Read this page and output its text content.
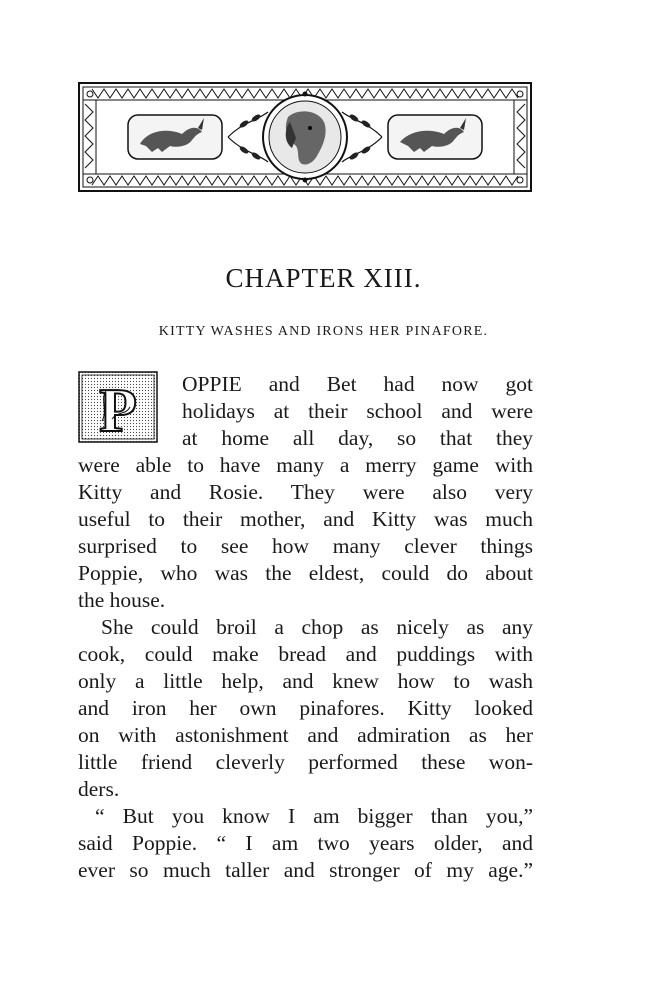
CHAPTER XIII.
KITTY WASHES AND IRONS HER PINAFORE.
P OPPIE and Bet had now got
holidays at their school and were
at home all day, so that they
were able to have many a merry game with
Kitty and Rosie. They were also very
useful to their mother, and Kitty was much
surprised to see how many clever things
Poppie, who was the eldest, could do about
the house.
She could broil a chop as nicely as any
cook, could make bread and puddings with
only a little help, and knew how to wash
and iron her own pinafores. Kitty looked
on with astonishment and admiration as her
little friend cleverly performed these won-
ders.
“ But you know I am bigger than you,”
said Poppie. “ I am two years older, and
ever so much taller and stronger of my age.”
